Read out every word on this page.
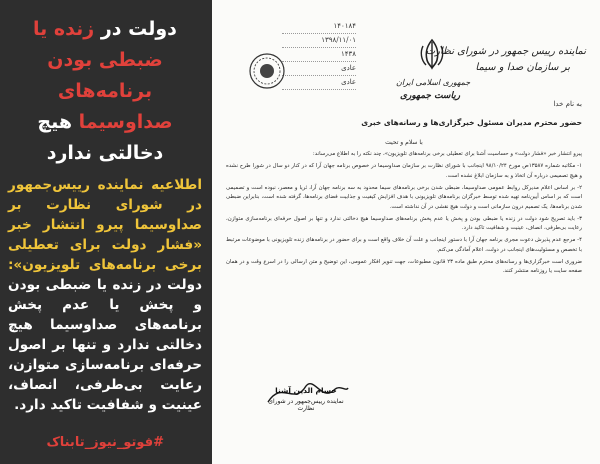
دولت در زنده یا ضبطی بودن برنامه‌های صداوسیما هیچ دخالتی ندارد
اطلاعیه نماینده رییس‌جمهور در شورای نظارت بر صداوسیما پیرو انتشار خبر «فشار دولت برای تعطیلی برخی برنامه‌های تلویزیون»: دولت در زنده یا ضبطی بودن و پخش یا عدم پخش برنامه‌های صداوسیما هیچ دخالتی ندارد و تنها بر اصول حرفه‌ای برنامه‌سازی متوازن، رعایت بی‌طرفی، انصاف، عینیت و شفافیت تاکید دارد.
#فوتو_نیوز_تابناک
نماینده رییس جمهور در شورای نظارت
بر سازمان صدا و سیما
جمهوری اسلامی ایران
ریاست جمهوری
۱۴۰۱۸۴
۱۳۹۸/۱۱/۰۱
۱۴۳۸
عادی
عادی
به نام خدا
حضور محترم مدیران مسئول خبرگزاری‌ها و رسانه‌های خبری

با سلام و تحیت

پیرو انتشار خبر «فشار دولت» و حساسیت آشنا برای تعطیلی برخی برنامه‌های تلویزیون»، چند نکته را به اطلاع می‌رساند:

۱- مکاتبه شماره ۱۳۵۸۷ص مورخ ۹۸/۱۰/۲۴ اینجانب با شورای نظارت بر سازمان صداوسیما در خصوص برنامه جهان آرا که در کنار دو سال در شورا طرح نشده و هیچ تصمیمی درباره آن اتخاذ و به سازمان ابلاغ نشده است.

۲- بر اساس اعلام مدیرکل روابط عمومی صداوسیما، ضبطی شدن برخی برنامه‌های سیما محدود به سه برنامه جهان آرا، ثریا و معصر، نبوده است و تصمیمی است که بر اساس آیین‌نامه تهیه شده توسط خبرگزان برنامه‌های تلویزیونی با هدف افزایش کیفیت و جذابیت فضای برنامه‌ها، گرفته شده است، بنابراین ضبطی شدن برنامه‌ها، یک تصمیم درون سازمانی است و دولت هیچ نقشی در آن نداشته است.

۳- باید تصریح شود دولت در زنده یا ضبطی بودن و پخش یا عدم پخش برنامه‌های صداوسیما هیچ دخالتی ندارد و تنها بر اصول حرفه‌ای برنامه‌سازی متوازن، رعایت بی‌طرفی، انصاف، عینیت و شفافیت تاکید دارد.

۴- مرجع عدم پذیرش دعوت مجری برنامه جهان آرا با دستور اینجانب و علت آن خلاف واقع است و برای حضور در برنامه‌های زنده تلویزیونی با موضوعات مرتبط با تخصص و مسئولیت‌های اینجانب در دولت، اعلام آمادگی می‌کنم.

ضروری است خبرگزاری‌ها و رسانه‌های محترم طبق ماده ۲۳ قانون مطبوعات، جهت تنویر افکار عمومی، این توضیح و متن ارسالی را در اسرع وقت و در همان صفحه سایت یا روزنامه منتشر کنند.

حسام الدین آشنا
نماینده رییس‌جمهور در شورای نظارت
